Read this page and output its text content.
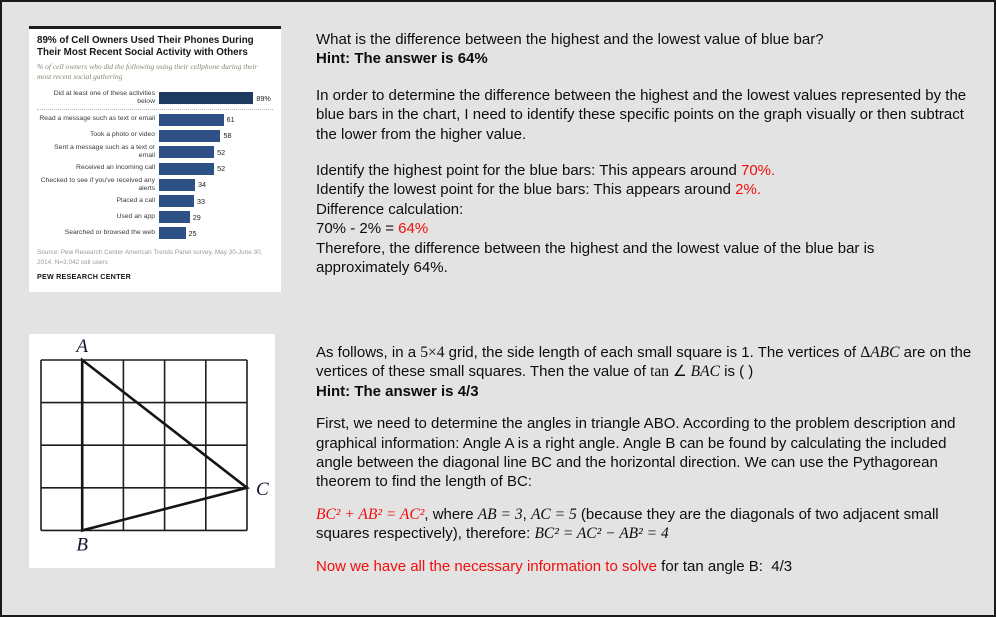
89% of Cell Owners Used Their Phones During Their Most Recent Social Activity with Others

% of cell owners who did the following using their cellphone during their most recent social gathering

Did at least one of these activities below	89%
Read a message such as text or email	61
Took a photo or video	58
Sent a message such as a text or email	52
Received an incoming call	52
Checked to see if you've received any alerts	34
Placed a call	33
Used an app	29
Searched or browsed the web	25

Source: Pew Research Center American Trends Panel survey, May 30-June 30, 2014. N=3,042 cell users

PEW RESEARCH CENTER

What is the difference between the highest and the lowest value of blue bar?
Hint: The answer is 64%

In order to determine the difference between the highest and the lowest values represented by the blue bars in the chart, I need to identify these specific points on the graph visually or then subtract the lower from the higher value.

Identify the highest point for the blue bars: This appears around 70%.
Identify the lowest point for the blue bars: This appears around 2%.
Difference calculation:
70% - 2% = 64%
Therefore, the difference between the highest and the lowest value of the blue bar is approximately 64%.

A
B
C

As follows, in a 5×4 grid, the side length of each small square is 1. The vertices of ΔABC are on the vertices of these small squares. Then the value of tan ∠ BAC is ( )
Hint: The answer is 4/3

First, we need to determine the angles in triangle ABO. According to the problem description and graphical information: Angle A is a right angle. Angle B can be found by calculating the included angle between the diagonal line BC and the horizontal direction. We can use the Pythagorean theorem to find the length of BC:

BC² + AB² = AC², where AB = 3, AC = 5 (because they are the diagonals of two adjacent small squares respectively), therefore: BC² = AC² − AB² = 4

Now we have all the necessary information to solve for tan angle B:  4/3
